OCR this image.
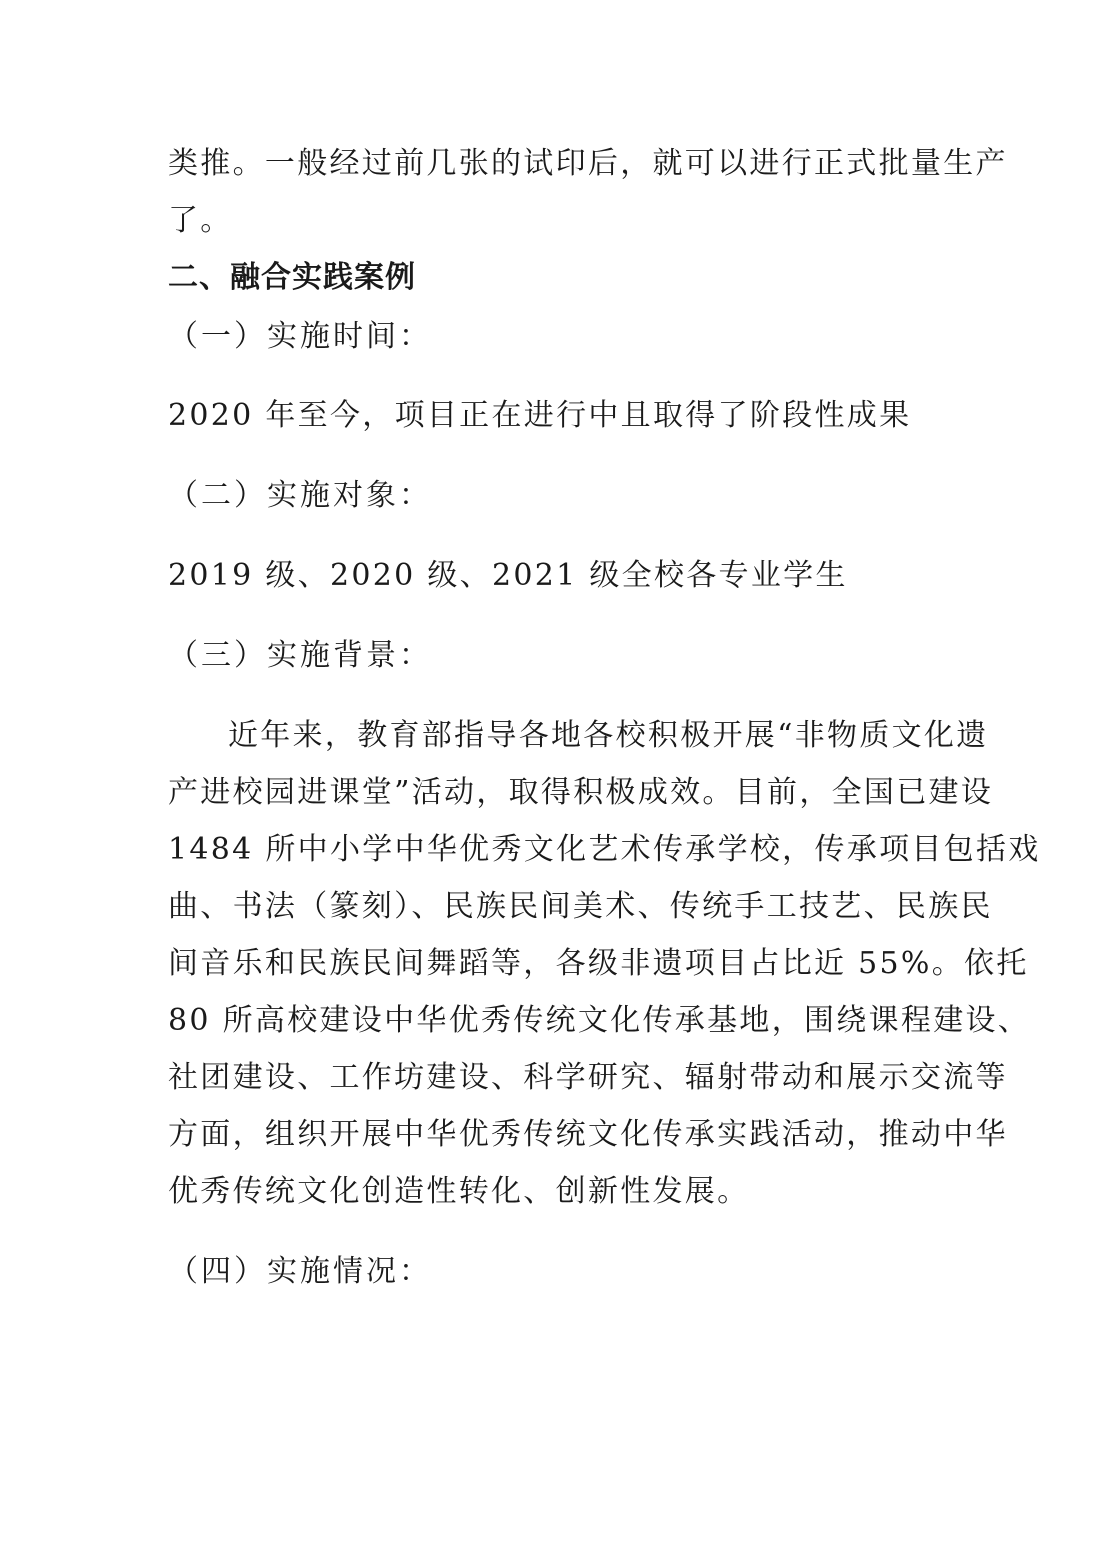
类推。一般经过前几张的试印后，就可以进行正式批量生产
了。
二、融合实践案例
（一）实施时间：
2020 年至今，项目正在进行中且取得了阶段性成果
（二）实施对象：
2019 级、2020 级、2021 级全校各专业学生
（三）实施背景：
近年来，教育部指导各地各校积极开展“非物质文化遗
产进校园进课堂”活动，取得积极成效。目前，全国已建设
1484 所中小学中华优秀文化艺术传承学校，传承项目包括戏
曲、书法（篆刻）、民族民间美术、传统手工技艺、民族民
间音乐和民族民间舞蹈等，各级非遗项目占比近 55%。依托
80 所高校建设中华优秀传统文化传承基地，围绕课程建设、
社团建设、工作坊建设、科学研究、辐射带动和展示交流等
方面，组织开展中华优秀传统文化传承实践活动，推动中华
优秀传统文化创造性转化、创新性发展。
（四）实施情况：
